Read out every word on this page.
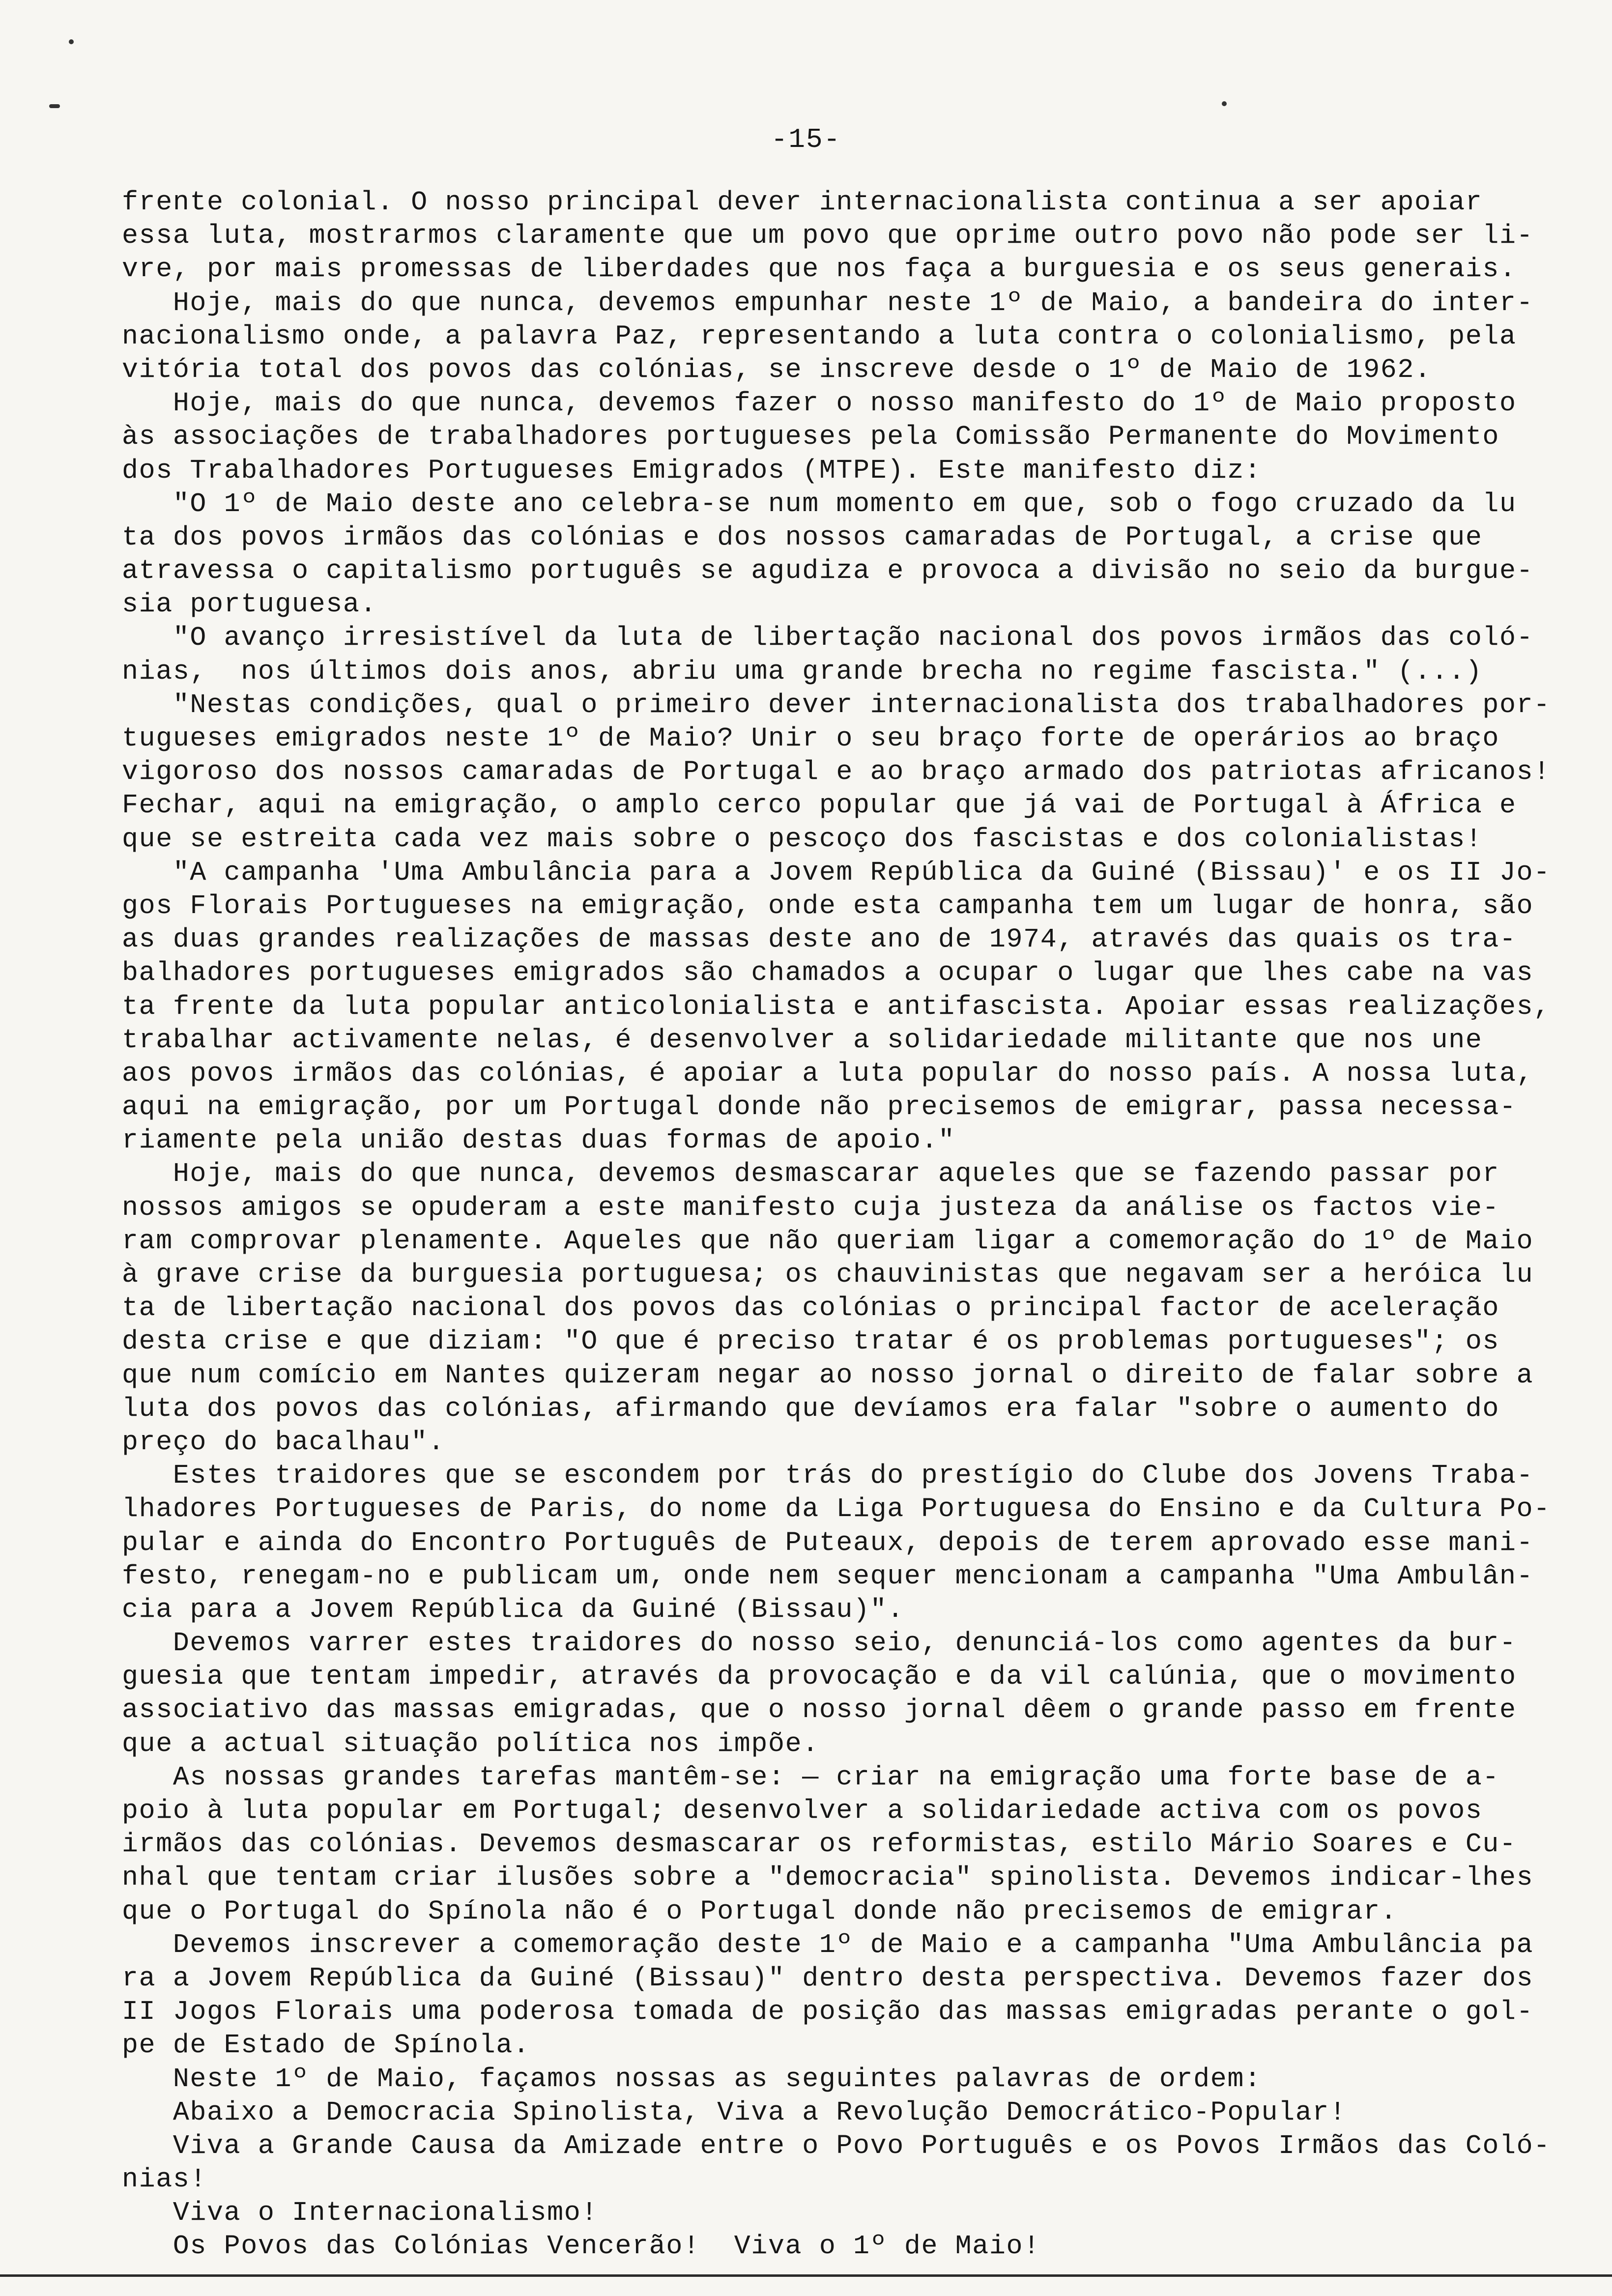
-15-
frente colonial. O nosso principal dever internacionalista continua a ser apoiar
essa luta, mostrarmos claramente que um povo que oprime outro povo não pode ser li-
vre, por mais promessas de liberdades que nos faça a burguesia e os seus generais.
Hoje, mais do que nunca, devemos empunhar neste 1º de Maio, a bandeira do inter-
nacionalismo onde, a palavra Paz, representando a luta contra o colonialismo, pela
vitória total dos povos das colónias, se inscreve desde o 1º de Maio de 1962.
Hoje, mais do que nunca, devemos fazer o nosso manifesto do 1º de Maio proposto
às associações de trabalhadores portugueses pela Comissão Permanente do Movimento
dos Trabalhadores Portugueses Emigrados (MTPE). Este manifesto diz:
"O 1º de Maio deste ano celebra-se num momento em que, sob o fogo cruzado da lu
ta dos povos irmãos das colónias e dos nossos camaradas de Portugal, a crise que
atravessa o capitalismo português se agudiza e provoca a divisão no seio da burgue-
sia portuguesa.
"O avanço irresistível da luta de libertação nacional dos povos irmãos das coló-
nias,  nos últimos dois anos, abriu uma grande brecha no regime fascista." (...)
"Nestas condições, qual o primeiro dever internacionalista dos trabalhadores por-
tugueses emigrados neste 1º de Maio? Unir o seu braço forte de operários ao braço
vigoroso dos nossos camaradas de Portugal e ao braço armado dos patriotas africanos!
Fechar, aqui na emigração, o amplo cerco popular que já vai de Portugal à África e
que se estreita cada vez mais sobre o pescoço dos fascistas e dos colonialistas!
"A campanha 'Uma Ambulância para a Jovem República da Guiné (Bissau)' e os II Jo-
gos Florais Portugueses na emigração, onde esta campanha tem um lugar de honra, são
as duas grandes realizações de massas deste ano de 1974, através das quais os tra-
balhadores portugueses emigrados são chamados a ocupar o lugar que lhes cabe na vas
ta frente da luta popular anticolonialista e antifascista. Apoiar essas realizações,
trabalhar activamente nelas, é desenvolver a solidariedade militante que nos une
aos povos irmãos das colónias, é apoiar a luta popular do nosso país. A nossa luta,
aqui na emigração, por um Portugal donde não precisemos de emigrar, passa necessa-
riamente pela união destas duas formas de apoio."
Hoje, mais do que nunca, devemos desmascarar aqueles que se fazendo passar por
nossos amigos se opuderam a este manifesto cuja justeza da análise os factos vie-
ram comprovar plenamente. Aqueles que não queriam ligar a comemoração do 1º de Maio
à grave crise da burguesia portuguesa; os chauvinistas que negavam ser a heróica lu
ta de libertação nacional dos povos das colónias o principal factor de aceleração
desta crise e que diziam: "O que é preciso tratar é os problemas portugueses"; os
que num comício em Nantes quizeram negar ao nosso jornal o direito de falar sobre a
luta dos povos das colónias, afirmando que devíamos era falar "sobre o aumento do
preço do bacalhau".
Estes traidores que se escondem por trás do prestígio do Clube dos Jovens Traba-
lhadores Portugueses de Paris, do nome da Liga Portuguesa do Ensino e da Cultura Po-
pular e ainda do Encontro Português de Puteaux, depois de terem aprovado esse mani-
festo, renegam-no e publicam um, onde nem sequer mencionam a campanha "Uma Ambulân-
cia para a Jovem República da Guiné (Bissau)".
Devemos varrer estes traidores do nosso seio, denunciá-los como agentes da bur-
guesia que tentam impedir, através da provocação e da vil calúnia, que o movimento
associativo das massas emigradas, que o nosso jornal dêem o grande passo em frente
que a actual situação política nos impõe.
As nossas grandes tarefas mantêm-se: — criar na emigração uma forte base de a-
poio à luta popular em Portugal; desenvolver a solidariedade activa com os povos
irmãos das colónias. Devemos desmascarar os reformistas, estilo Mário Soares e Cu-
nhal que tentam criar ilusões sobre a "democracia" spinolista. Devemos indicar-lhes
que o Portugal do Spínola não é o Portugal donde não precisemos de emigrar.
Devemos inscrever a comemoração deste 1º de Maio e a campanha "Uma Ambulância pa
ra a Jovem República da Guiné (Bissau)" dentro desta perspectiva. Devemos fazer dos
II Jogos Florais uma poderosa tomada de posição das massas emigradas perante o gol-
pe de Estado de Spínola.
Neste 1º de Maio, façamos nossas as seguintes palavras de ordem:
Abaixo a Democracia Spinolista, Viva a Revolução Democrático-Popular!
Viva a Grande Causa da Amizade entre o Povo Português e os Povos Irmãos das Coló-
nias!
Viva o Internacionalismo!
Os Povos das Colónias Vencerão!  Viva o 1º de Maio!
